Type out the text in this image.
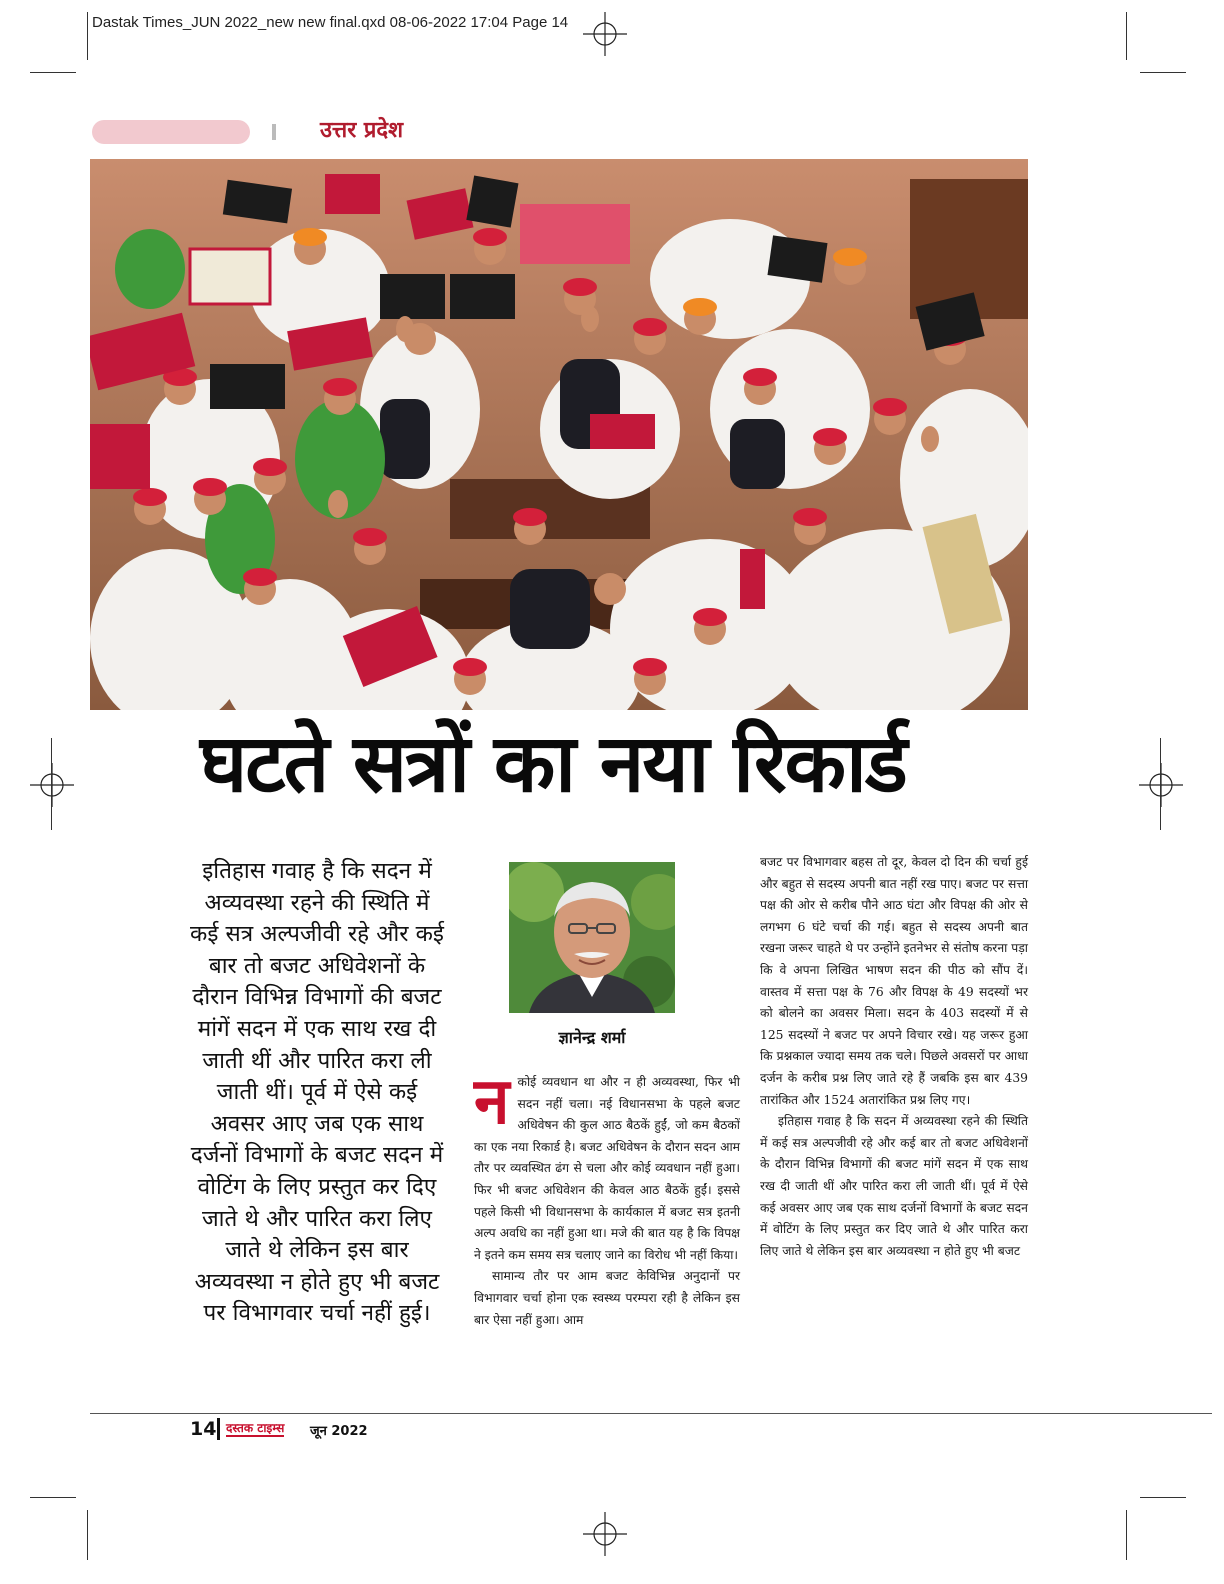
Dastak Times_JUN 2022_new new final.qxd 08-06-2022 17:04 Page 14
उत्तर प्रदेश
घटते सत्रों का नया रिकार्ड
इतिहास गवाह है कि सदन में अव्यवस्था रहने की स्थिति में कई सत्र अल्पजीवी रहे और कई बार तो बजट अधिवेशनों के दौरान विभिन्न विभागों की बजट मांगें सदन में एक साथ रख दी जाती थीं और पारित करा ली जाती थीं। पूर्व में ऐसे कई अवसर आए जब एक साथ दर्जनों विभागों के बजट सदन में वोटिंग के लिए प्रस्तुत कर दिए जाते थे और पारित करा लिए जाते थे लेकिन इस बार अव्यवस्था न होते हुए भी बजट पर विभागवार चर्चा नहीं हुई।
ज्ञानेन्द्र शर्मा
न कोई व्यवधान था और न ही अव्यवस्था, फिर भी सदन नहीं चला। नई विधानसभा के पहले बजट अधिवेषन की कुल आठ बैठकें हुईं, जो कम बैठकों का एक नया रिकार्ड है। बजट अधिवेषन के दौरान सदन आम तौर पर व्यवस्थित ढंग से चला और कोई व्यवधान नहीं हुआ। फिर भी बजट अधिवेशन की केवल आठ बैठकें हुईं। इससे पहले किसी भी विधानसभा के कार्यकाल में बजट सत्र इतनी अल्प अवधि का नहीं हुआ था। मजे की बात यह है कि विपक्ष ने इतने कम समय सत्र चलाए जाने का विरोध भी नहीं किया।

सामान्य तौर पर आम बजट केविभिन्न अनुदानों पर विभागवार चर्चा होना एक स्वस्थ्य परम्परा रही है लेकिन इस बार ऐसा नहीं हुआ। आम

बजट पर विभागवार बहस तो दूर, केवल दो दिन की चर्चा हुई और बहुत से सदस्य अपनी बात नहीं रख पाए। बजट पर सत्ता पक्ष की ओर से करीब पौने आठ घंटा और विपक्ष की ओर से लगभग 6 घंटे चर्चा की गई। बहुत से सदस्य अपनी बात रखना जरूर चाहते थे पर उन्होंने इतनेभर से संतोष करना पड़ा कि वे अपना लिखित भाषण सदन की पीठ को सौंप दें। वास्तव में सत्ता पक्ष के 76 और विपक्ष के 49 सदस्यों भर को बोलने का अवसर मिला। सदन के 403 सदस्यों में से 125 सदस्यों ने बजट पर अपने विचार रखे। यह जरूर हुआ कि प्रश्नकाल ज्यादा समय तक चले। पिछले अवसरों पर आधा दर्जन के करीब प्रश्न लिए जाते रहे हैं जबकि इस बार 439 तारांकित और 1524 अतारांकित प्रश्न लिए गए।

इतिहास गवाह है कि सदन में अव्यवस्था रहने की स्थिति में कई सत्र अल्पजीवी रहे और कई बार तो बजट अधिवेशनों के दौरान विभिन्न विभागों की बजट मांगें सदन में एक साथ रख दी जाती थीं और पारित करा ली जाती थीं। पूर्व में ऐसे कई अवसर आए जब एक साथ दर्जनों विभागों के बजट सदन में वोटिंग के लिए प्रस्तुत कर दिए जाते थे और पारित करा लिए जाते थे लेकिन इस बार अव्यवस्था न होते हुए भी बजट

14 दस्तक टाइम्स जून 2022
